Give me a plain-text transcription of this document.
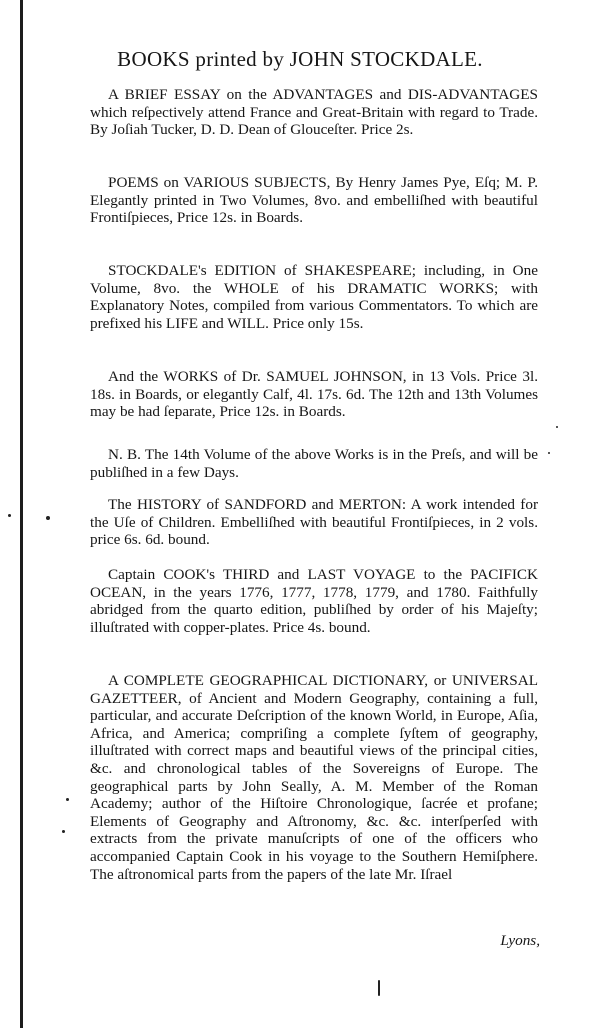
BOOKS printed by JOHN STOCKDALE.

A BRIEF ESSAY on the ADVANTAGES and DIS-ADVANTAGES which reſpectively attend France and Great-Britain with regard to Trade. By Joſiah Tucker, D. D. Dean of Glouceſter. Price 2s.

POEMS on VARIOUS SUBJECTS, By Henry James Pye, Eſq; M. P. Elegantly printed in Two Volumes, 8vo. and embelliſhed with beautiful Frontiſpieces, Price 12s. in Boards.

STOCKDALE's EDITION of SHAKESPEARE; including, in One Volume, 8vo. the WHOLE of his DRAMATIC WORKS; with Explanatory Notes, compiled from various Commentators. To which are prefixed his LIFE and WILL. Price only 15s.

And the WORKS of Dr. SAMUEL JOHNSON, in 13 Vols. Price 3l. 18s. in Boards, or elegantly Calf, 4l. 17s. 6d. The 12th and 13th Volumes may be had ſeparate, Price 12s. in Boards.

N. B. The 14th Volume of the above Works is in the Preſs, and will be publiſhed in a few Days.

The HISTORY of SANDFORD and MERTON: A work intended for the Uſe of Children. Embelliſhed with beautiful Frontiſpieces, in 2 vols. price 6s. 6d. bound.

Captain COOK's THIRD and LAST VOYAGE to the PACIFICK OCEAN, in the years 1776, 1777, 1778, 1779, and 1780. Faithfully abridged from the quarto edition, publiſhed by order of his Majeſty; illuſtrated with copper-plates. Price 4s. bound.

A COMPLETE GEOGRAPHICAL DICTIONARY, or UNIVERSAL GAZETTEER, of Ancient and Modern Geography, containing a full, particular, and accurate Deſcription of the known World, in Europe, Aſia, Africa, and America; compriſing a complete ſyſtem of geography, illuſtrated with correct maps and beautiful views of the principal cities, &c. and chronological tables of the Sovereigns of Europe. The geographical parts by John Seally, A. M. Member of the Roman Academy; author of the Hiſtoire Chronologique, ſacrée et profane; Elements of Geography and Aſtronomy, &c. &c. interſperſed with extracts from the private manuſcripts of one of the officers who accompanied Captain Cook in his voyage to the Southern Hemiſphere. The aſtronomical parts from the papers of the late Mr. Iſrael

Lyons,
